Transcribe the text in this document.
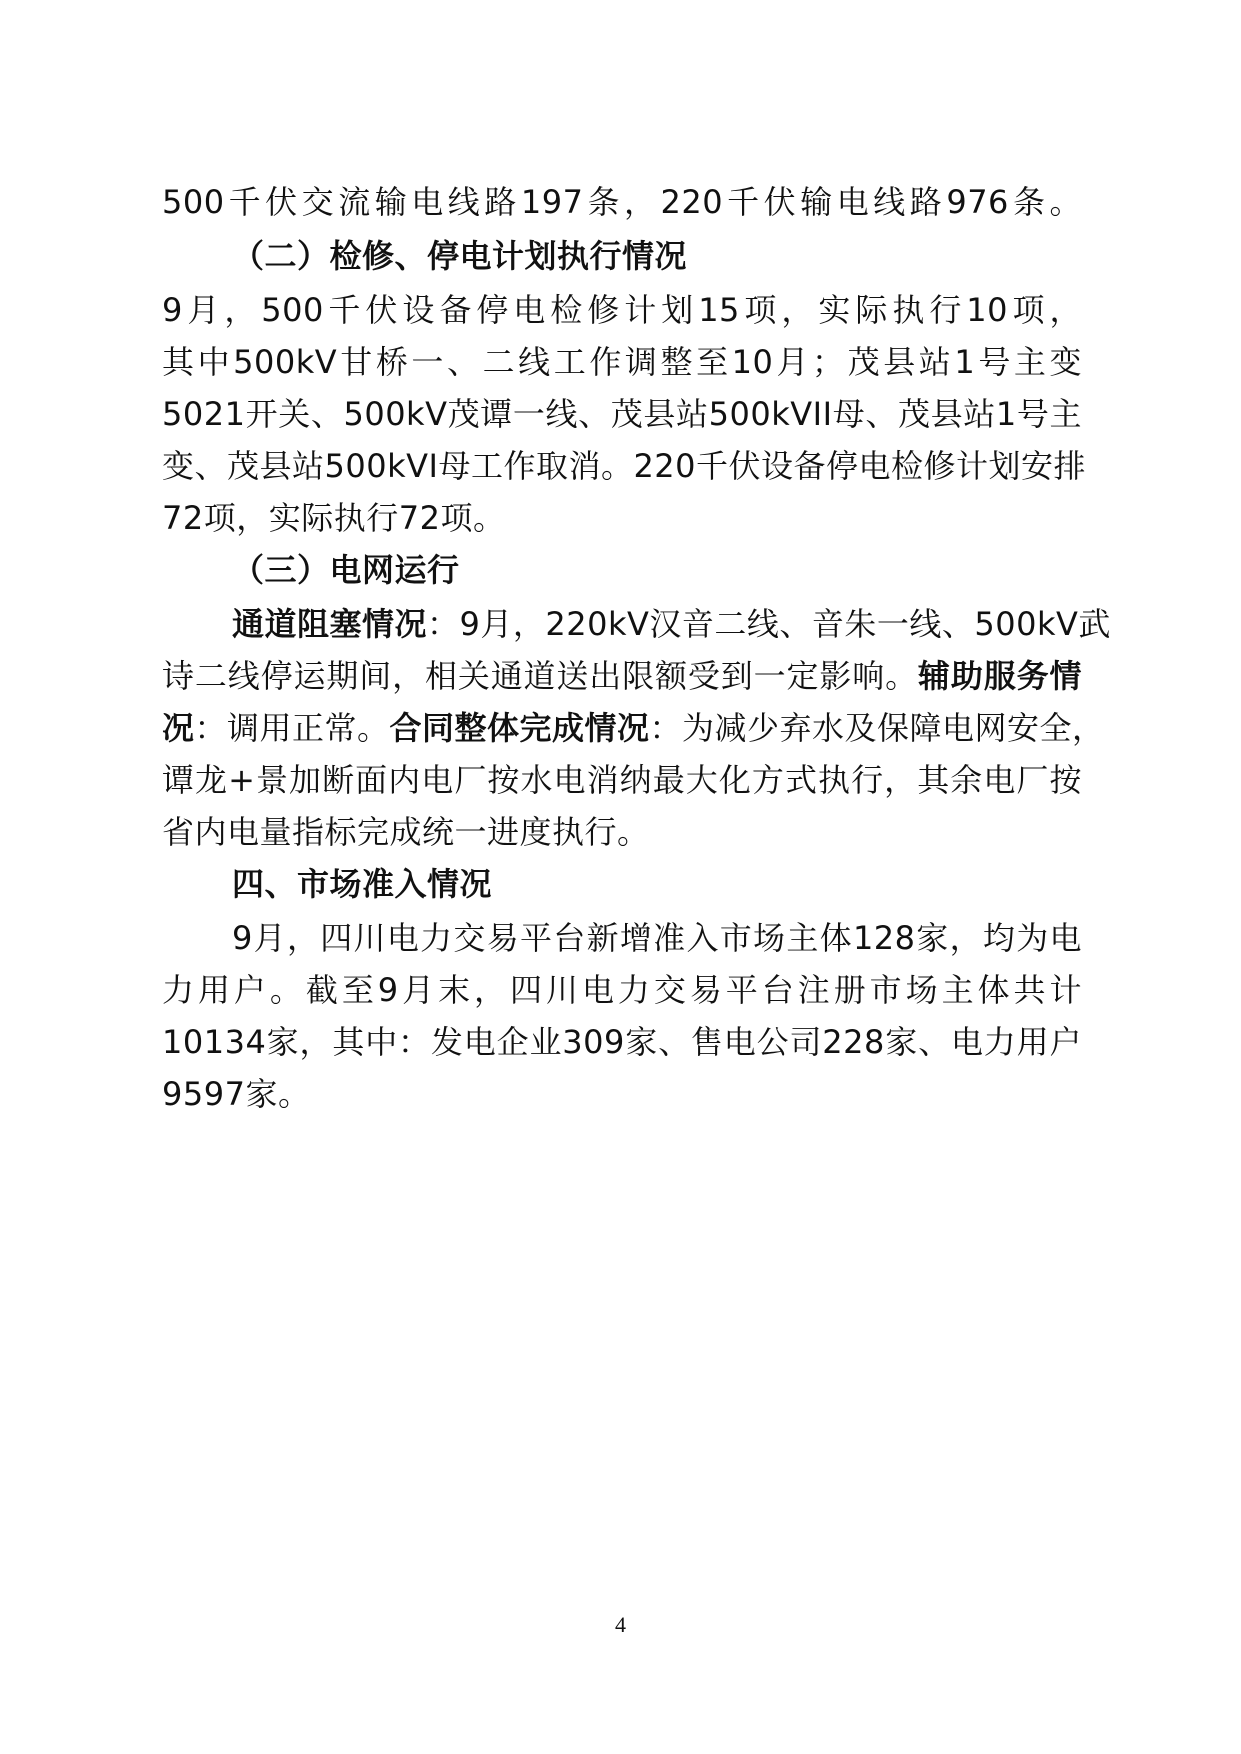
500千伏交流输电线路197条，220千伏输电线路976条。
（二）检修、停电计划执行情况
9月，500千伏设备停电检修计划15项，实际执行10项，
其中500kV甘桥一、二线工作调整至10月；茂县站1号主变
5021开关、500kV茂谭一线、茂县站500kVII母、茂县站1号主
变、茂县站500kVI母工作取消。220千伏设备停电检修计划安排
72项，实际执行72项。
（三）电网运行
通道阻塞情况：9月，220kV汉音二线、音朱一线、500kV武
诗二线停运期间，相关通道送出限额受到一定影响。辅助服务情
况：调用正常。合同整体完成情况：为减少弃水及保障电网安全，
谭龙+景加断面内电厂按水电消纳最大化方式执行，其余电厂按
省内电量指标完成统一进度执行。
四、市场准入情况
9月，四川电力交易平台新增准入市场主体128家，均为电
力用户。截至9月末，四川电力交易平台注册市场主体共计
10134家，其中：发电企业309家、售电公司228家、电力用户
9597家。
4
